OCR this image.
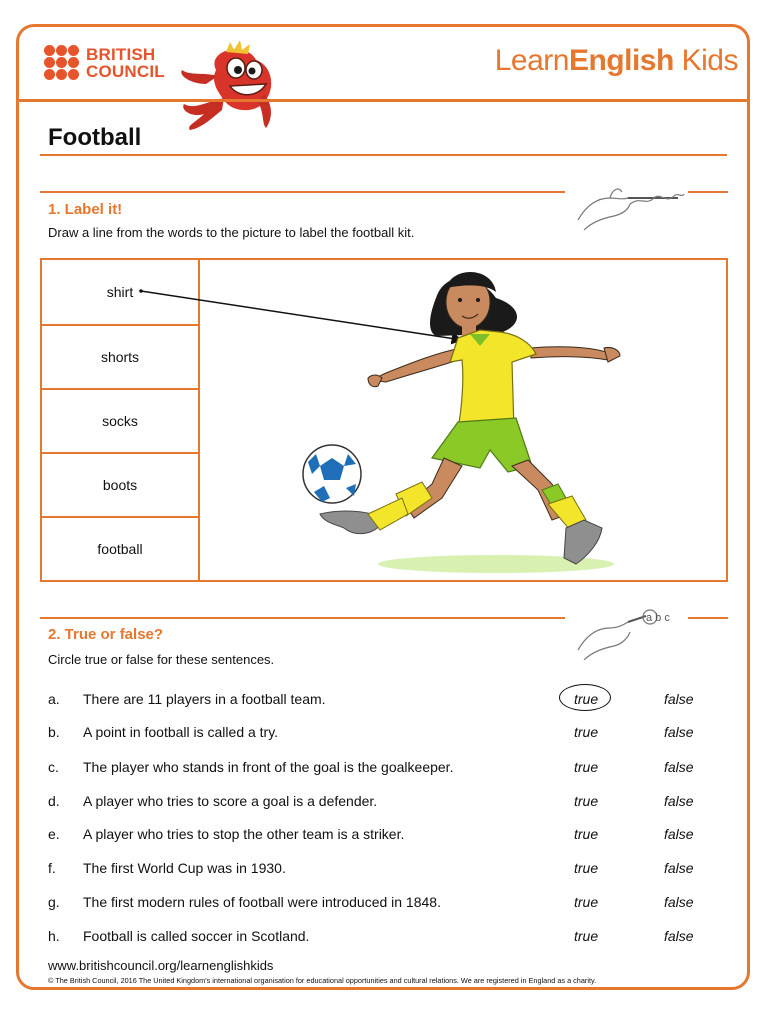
BRITISH
COUNCIL	LearnEnglish Kids
Football
1. Label it!
Draw a line from the words to the picture to label the football kit.
shirt
shorts
socks
boots
football
a b c
2. True or false?
Circle true or false for these sentences.
a. There are 11 players in a football team.	true	false
b. A point in football is called a try.	true	false
c. The player who stands in front of the goal is the goalkeeper.	true	false
d. A player who tries to score a goal is a defender.	true	false
e. A player who tries to stop the other team is a striker.	true	false
f. The first World Cup was in 1930.	true	false
g. The first modern rules of football were introduced in 1848.	true	false
h. Football is called soccer in Scotland.	true	false
www.britishcouncil.org/learnenglishkids
© The British Council, 2016 The United Kingdom's international organisation for educational opportunities and cultural relations. We are registered in England as a charity.
